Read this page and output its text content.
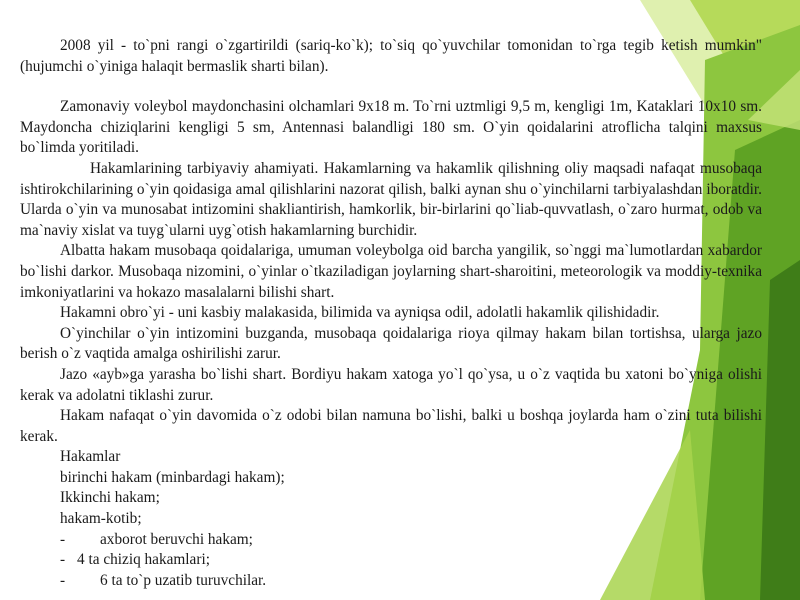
2008 yil - to`pni rangi o`zgartirildi (sariq-ko`k); to`siq qo`yuvchilar tomonidan to`rga tegib ketish mumkin" (hujumchi o`yiniga halaqit bermaslik sharti bilan).

Zamonaviy voleybol maydonchasini olchamlari 9x18 m. To`rni uztmligi 9,5 m, kengligi 1m, Kataklari 10x10 sm. Maydoncha chiziqlarini kengligi 5 sm, Antennasi balandligi 180 sm. O`yin qoidalarini atroflicha talqini maxsus bo`limda yoritiladi.

Hakamlarining tarbiyaviy ahamiyati. Hakamlarning va hakamlik qilishning oliy maqsadi nafaqat musobaqa ishtirokchilarining o`yin qoidasiga amal qilishlarini nazorat qilish, balki aynan shu o`yinchilarni tarbiyalashdan iboratdir. Ularda o`yin va munosabat intizomini shakliantirish, hamkorlik, bir-birlarini qo`liab-quvvatlash, o`zaro hurmat, odob va ma`naviy xislat va tuyg`ularni uyg`otish hakamlarning burchidir.

Albatta hakam musobaqa qoidalariga, umuman voleybolga oid barcha yangilik, so`nggi ma`lumotlardan xabardor bo`lishi darkor. Musobaqa nizomini, o`yinlar o`tkaziladigan joylarning shart-sharoitini, meteorologik va moddiy-texnika imkoniyatlarini va hokazo masalalarni bilishi shart.

Hakamni obro`yi - uni kasbiy malakasida, bilimida va ayniqsa odil, adolatli hakamlik qilishidadir.

O`yinchilar o`yin intizomini buzganda, musobaqa qoidalariga rioya qilmay hakam bilan tortishsa, ularga jazo berish o`z vaqtida amalga oshirilishi zarur.

Jazo «ayb»ga yarasha bo`lishi shart. Bordiyu hakam xatoga yo`l qo`ysa, u o`z vaqtida bu xatoni bo`yniga olishi kerak va adolatni tiklashi zurur.

Hakam nafaqat o`yin davomida o`z odobi bilan namuna bo`lishi, balki u boshqa joylarda ham o`zini tuta bilishi kerak.

Hakamlar

birinchi hakam (minbardagi hakam);

Ikkinchi hakam;

hakam-kotib;

-	axborot beruvchi hakam;
- 4 ta chiziq hakamlari;
-	6 ta to`p uzatib turuvchilar.
